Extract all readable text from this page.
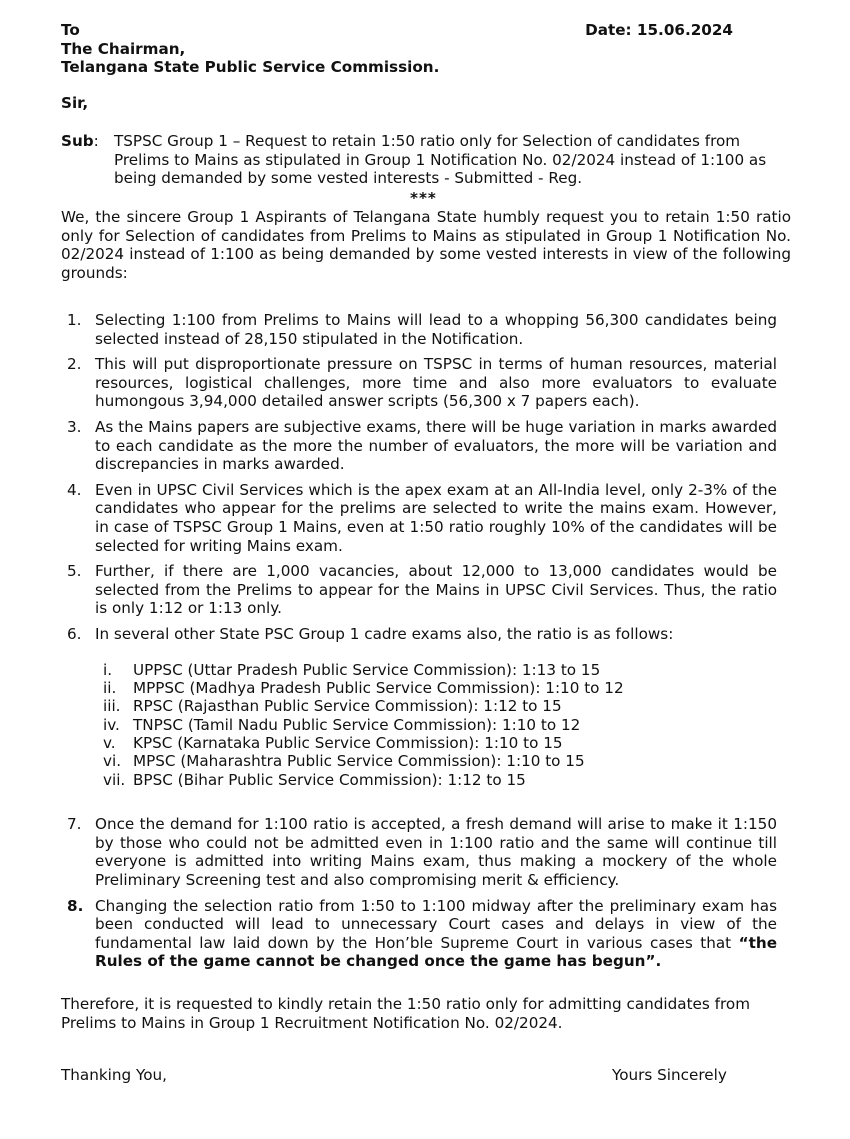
To
The Chairman,
Telangana State Public Service Commission.
Date: 15.06.2024
Sir,
Sub: TSPSC Group 1 – Request to retain 1:50 ratio only for Selection of candidates from Prelims to Mains as stipulated in Group 1 Notification No. 02/2024 instead of 1:100 as being demanded by some vested interests - Submitted - Reg.
***
We, the sincere Group 1 Aspirants of Telangana State humbly request you to retain 1:50 ratio only for Selection of candidates from Prelims to Mains as stipulated in Group 1 Notification No. 02/2024 instead of 1:100 as being demanded by some vested interests in view of the following grounds:
1. Selecting 1:100 from Prelims to Mains will lead to a whopping 56,300 candidates being selected instead of 28,150 stipulated in the Notification.
2. This will put disproportionate pressure on TSPSC in terms of human resources, material resources, logistical challenges, more time and also more evaluators to evaluate humongous 3,94,000 detailed answer scripts (56,300 x 7 papers each).
3. As the Mains papers are subjective exams, there will be huge variation in marks awarded to each candidate as the more the number of evaluators, the more will be variation and discrepancies in marks awarded.
4. Even in UPSC Civil Services which is the apex exam at an All-India level, only 2-3% of the candidates who appear for the prelims are selected to write the mains exam. However, in case of TSPSC Group 1 Mains, even at 1:50 ratio roughly 10% of the candidates will be selected for writing Mains exam.
5. Further, if there are 1,000 vacancies, about 12,000 to 13,000 candidates would be selected from the Prelims to appear for the Mains in UPSC Civil Services. Thus, the ratio is only 1:12 or 1:13 only.
6. In several other State PSC Group 1 cadre exams also, the ratio is as follows:
i.	UPPSC (Uttar Pradesh Public Service Commission): 1:13 to 15
ii.	MPPSC (Madhya Pradesh Public Service Commission): 1:10 to 12
iii. RPSC (Rajasthan Public Service Commission): 1:12 to 15
iv. TNPSC (Tamil Nadu Public Service Commission): 1:10 to 12
v.	KPSC (Karnataka Public Service Commission): 1:10 to 15
vi. MPSC (Maharashtra Public Service Commission): 1:10 to 15
vii. BPSC (Bihar Public Service Commission): 1:12 to 15
7. Once the demand for 1:100 ratio is accepted, a fresh demand will arise to make it 1:150 by those who could not be admitted even in 1:100 ratio and the same will continue till everyone is admitted into writing Mains exam, thus making a mockery of the whole Preliminary Screening test and also compromising merit & efficiency.
8. Changing the selection ratio from 1:50 to 1:100 midway after the preliminary exam has been conducted will lead to unnecessary Court cases and delays in view of the fundamental law laid down by the Hon’ble Supreme Court in various cases that “the Rules of the game cannot be changed once the game has begun”.
Therefore, it is requested to kindly retain the 1:50 ratio only for admitting candidates from Prelims to Mains in Group 1 Recruitment Notification No. 02/2024.
Thanking You,	Yours Sincerely
